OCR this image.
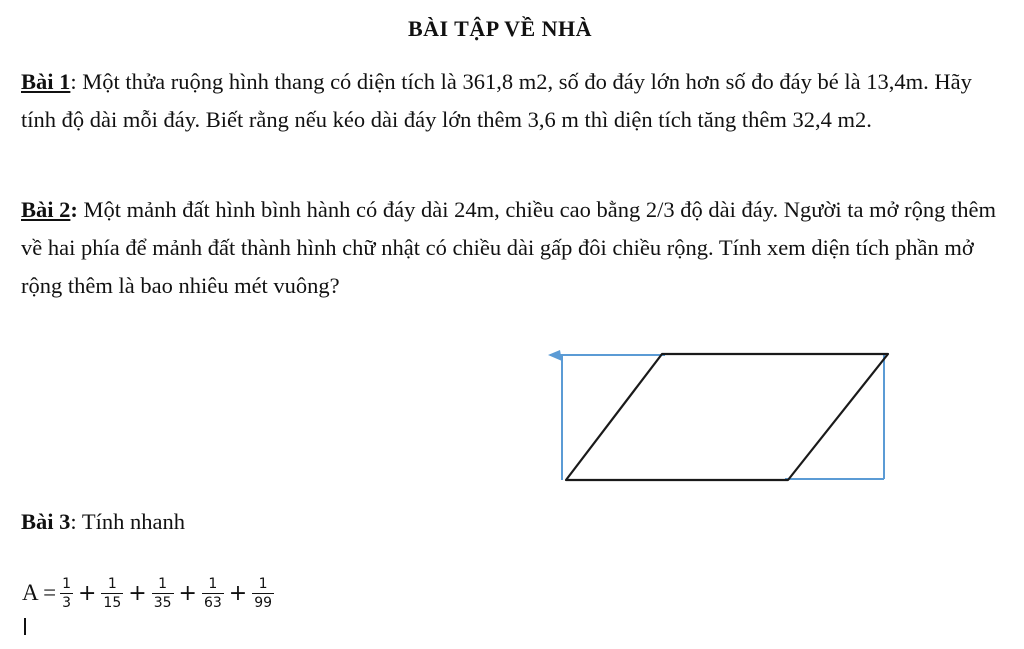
BÀI TẬP VỀ NHÀ
Bài 1: Một thửa ruộng hình thang có diện tích là 361,8 m2, số đo đáy lớn hơn số đo đáy bé là 13,4m. Hãy tính độ dài mỗi đáy. Biết rằng nếu kéo dài đáy lớn thêm 3,6 m thì diện tích tăng thêm 32,4 m2.
Bài 2: Một mảnh đất hình bình hành có đáy dài 24m, chiều cao bằng 2/3 độ dài đáy. Người ta mở rộng thêm về hai phía để mảnh đất thành hình chữ nhật có chiều dài gấp đôi chiều rộng. Tính xem diện tích phần mở rộng thêm là bao nhiêu mét vuông?
Bài 3: Tính nhanh
$A = \frac{1}{3} + \frac{1}{15} + \frac{1}{35} + \frac{1}{63} + \frac{1}{99}$
